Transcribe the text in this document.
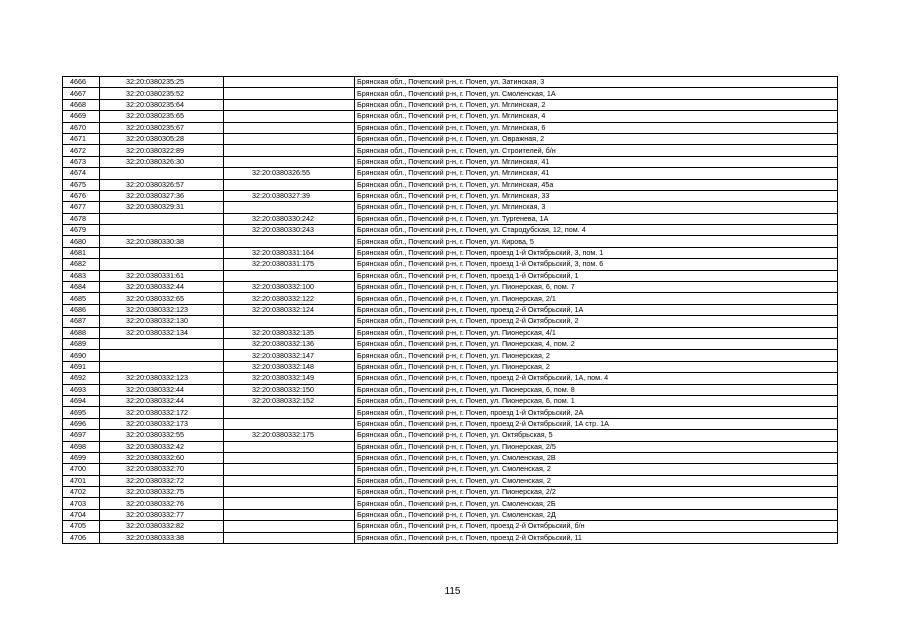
4666	32:20:0380235:25		Брянская обл., Почепский р-н, г. Почеп, ул. Затинская, 3
4667	32:20:0380235:52		Брянская обл., Почепский р-н, г. Почеп, ул. Смоленская, 1А
4668	32:20:0380235:64		Брянская обл., Почепский р-н, г. Почеп, ул. Мглинская, 2
4669	32:20:0380235:65		Брянская обл., Почепский р-н, г. Почеп, ул. Мглинская, 4
4670	32:20:0380235:67		Брянская обл., Почепский р-н, г. Почеп, ул. Мглинская, 6
4671	32:20:0380305:28		Брянская обл., Почепский р-н, г. Почеп, ул. Овражная, 2
4672	32:20:0380322:89		Брянская обл., Почепский р-н, г. Почеп, ул. Строителей, б/н
4673	32:20:0380326:30		Брянская обл., Почепский р-н, г. Почеп, ул. Мглинская, 41
4674		32:20:0380326:55	Брянская обл., Почепский р-н, г. Почеп, ул. Мглинская, 41
4675	32:20:0380326:57		Брянская обл., Почепский р-н, г. Почеп, ул. Мглинская, 45а
4676	32:20:0380327:36	32:20:0380327:39	Брянская обл., Почепский р-н, г. Почеп, ул. Мглинская, 33
4677	32:20:0380329:31		Брянская обл., Почепский р-н, г. Почеп, ул. Мглинская, 3
4678		32:20:0380330:242	Брянская обл., Почепский р-н, г. Почеп, ул. Тургенева, 1А
4679		32:20:0380330:243	Брянская обл., Почепский р-н, г. Почеп, ул. Стародубская, 12, пом. 4
4680	32:20:0380330:38		Брянская обл., Почепский р-н, г. Почеп, ул. Кирова, 5
4681		32:20:0380331:164	Брянская обл., Почепский р-н, г. Почеп, проезд 1-й Октябрьский, 3, пом. 1
4682		32:20:0380331:175	Брянская обл., Почепский р-н, г. Почеп, проезд 1-й Октябрьский, 3, пом. 6
4683	32:20:0380331:61		Брянская обл., Почепский р-н, г. Почеп, проезд 1-й Октябрьский, 1
4684	32:20:0380332:44	32:20:0380332:100	Брянская обл., Почепский р-н, г. Почеп, ул. Пионерская, 6, пом. 7
4685	32:20:0380332:65	32:20:0380332:122	Брянская обл., Почепский р-н, г. Почеп, ул. Пионерская, 2/1
4686	32:20:0380332:123	32:20:0380332:124	Брянская обл., Почепский р-н, г. Почеп, проезд 2-й Октябрьский, 1А
4687	32:20:0380332:130		Брянская обл., Почепский р-н, г. Почеп, проезд 2-й Октябрьский, 2
4688	32:20:0380332:134	32:20:0380332:135	Брянская обл., Почепский р-н, г. Почеп, ул. Пионерская, 4/1
4689		32:20:0380332:136	Брянская обл., Почепский р-н, г. Почеп, ул. Пионерская, 4, пом. 2
4690		32:20:0380332:147	Брянская обл., Почепский р-н, г. Почеп, ул. Пионерская, 2
4691		32:20:0380332:148	Брянская обл., Почепский р-н, г. Почеп, ул. Пионерская, 2
4692	32:20:0380332:123	32:20:0380332:149	Брянская обл., Почепский р-н, г. Почеп, проезд 2-й Октябрьский, 1А, пом. 4
4693	32:20:0380332:44	32:20:0380332:150	Брянская обл., Почепский р-н, г. Почеп, ул. Пионерская, 6, пом. 8
4694	32:20:0380332:44	32:20:0380332:152	Брянская обл., Почепский р-н, г. Почеп, ул. Пионерская, 6, пом. 1
4695	32:20:0380332:172		Брянская обл., Почепский р-н, г. Почеп, проезд 1-й Октябрьский, 2А
4696	32:20:0380332:173		Брянская обл., Почепский р-н, г. Почеп, проезд 2-й Октябрьский, 1А стр. 1А
4697	32:20:0380332:55	32:20:0380332:175	Брянская обл., Почепский р-н, г. Почеп, ул. Октябрьская, 5
4698	32:20:0380332:42		Брянская обл., Почепский р-н, г. Почеп, ул. Пионерская, 2/5
4699	32:20:0380332:60		Брянская обл., Почепский р-н, г. Почеп, ул. Смоленская, 2В
4700	32:20:0380332:70		Брянская обл., Почепский р-н, г. Почеп, ул. Смоленская, 2
4701	32:20:0380332:72		Брянская обл., Почепский р-н, г. Почеп, ул. Смоленская, 2
4702	32:20:0380332:75		Брянская обл., Почепский р-н, г. Почеп, ул. Пионерская, 2/2
4703	32:20:0380332:76		Брянская обл., Почепский р-н, г. Почеп, ул. Смоленская, 2Б
4704	32:20:0380332:77		Брянская обл., Почепский р-н, г. Почеп, ул. Смоленская, 2Д
4705	32:20:0380332:82		Брянская обл., Почепский р-н, г. Почеп, проезд 2-й Октябрьский, б/н
4706	32:20:0380333:38		Брянская обл., Почепский р-н, г. Почеп, проезд 2-й Октябрьский, 11
115
